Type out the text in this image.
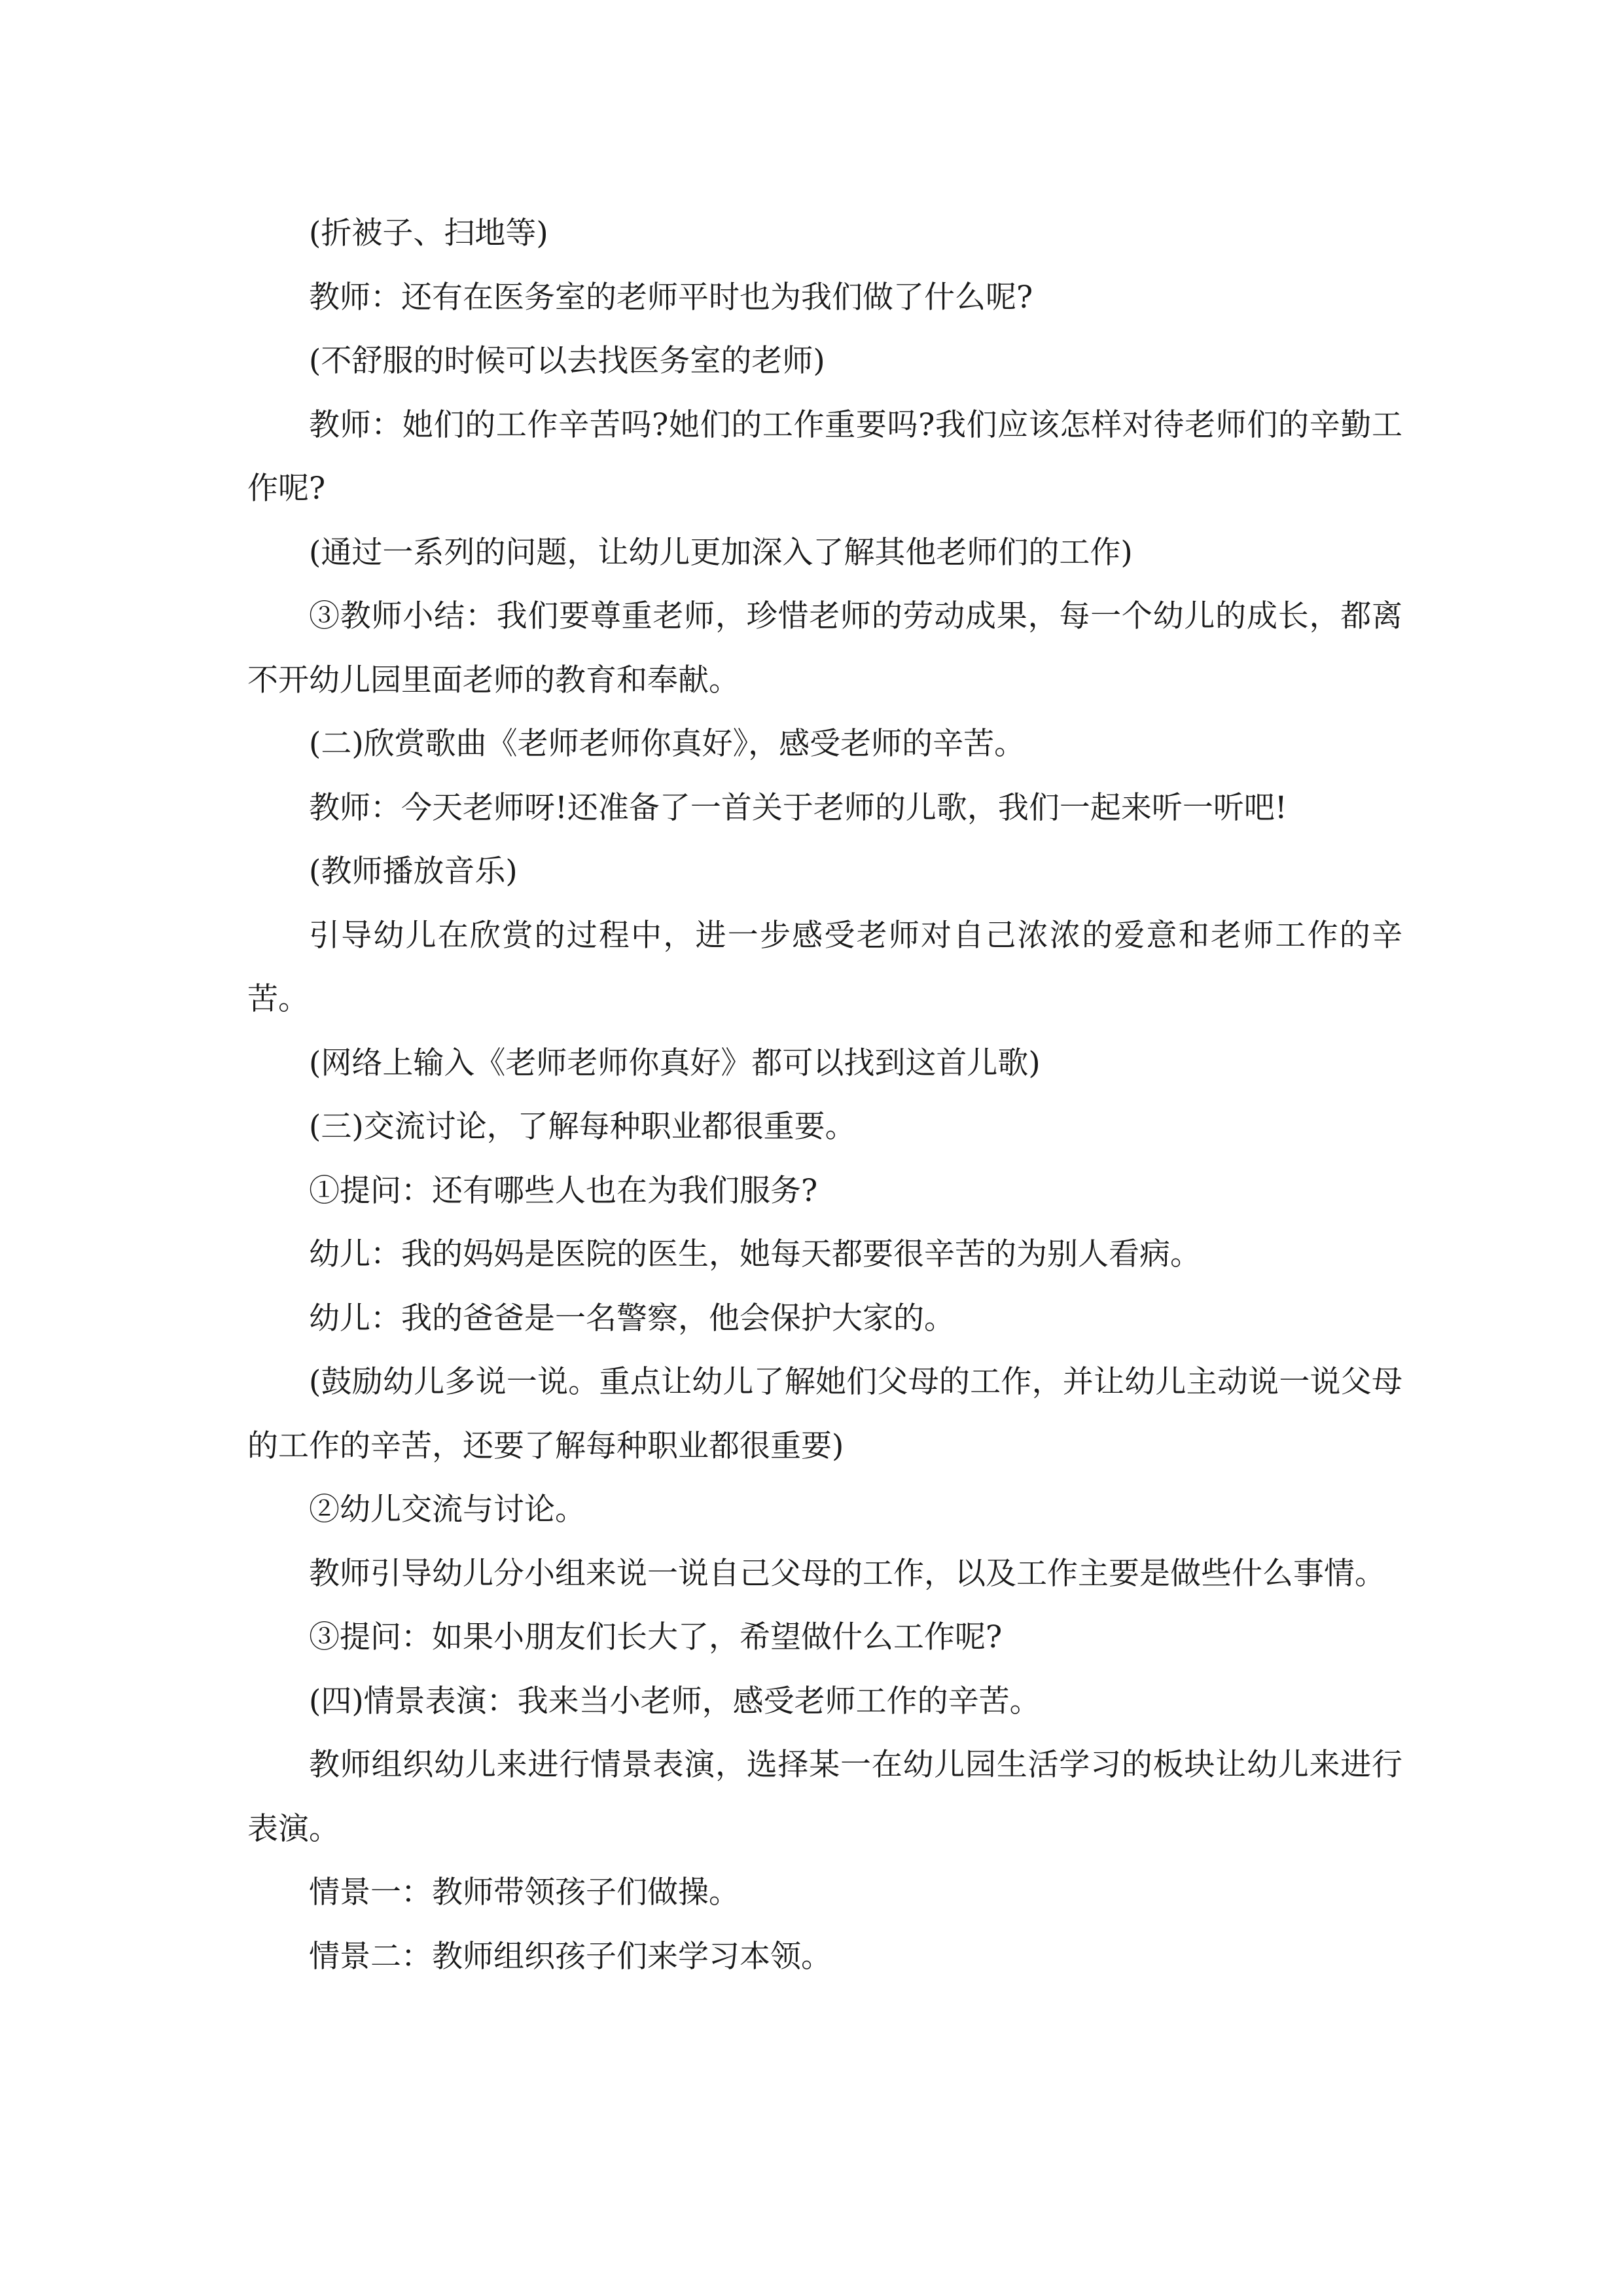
(折被子、扫地等)

教师：还有在医务室的老师平时也为我们做了什么呢?

(不舒服的时候可以去找医务室的老师)

教师：她们的工作辛苦吗?她们的工作重要吗?我们应该怎样对待老师们的辛勤工作呢?

(通过一系列的问题，让幼儿更加深入了解其他老师们的工作)

③教师小结：我们要尊重老师，珍惜老师的劳动成果，每一个幼儿的成长，都离不开幼儿园里面老师的教育和奉献。

(二)欣赏歌曲《老师老师你真好》，感受老师的辛苦。

教师：今天老师呀!还准备了一首关于老师的儿歌，我们一起来听一听吧!

(教师播放音乐)

引导幼儿在欣赏的过程中，进一步感受老师对自己浓浓的爱意和老师工作的辛苦。

(网络上输入《老师老师你真好》都可以找到这首儿歌)

(三)交流讨论，了解每种职业都很重要。

①提问：还有哪些人也在为我们服务?

幼儿：我的妈妈是医院的医生，她每天都要很辛苦的为别人看病。

幼儿：我的爸爸是一名警察，他会保护大家的。

(鼓励幼儿多说一说。重点让幼儿了解她们父母的工作，并让幼儿主动说一说父母的工作的辛苦，还要了解每种职业都很重要)

②幼儿交流与讨论。

教师引导幼儿分小组来说一说自己父母的工作，以及工作主要是做些什么事情。

③提问：如果小朋友们长大了，希望做什么工作呢?

(四)情景表演：我来当小老师，感受老师工作的辛苦。

教师组织幼儿来进行情景表演，选择某一在幼儿园生活学习的板块让幼儿来进行表演。

情景一：教师带领孩子们做操。

情景二：教师组织孩子们来学习本领。
